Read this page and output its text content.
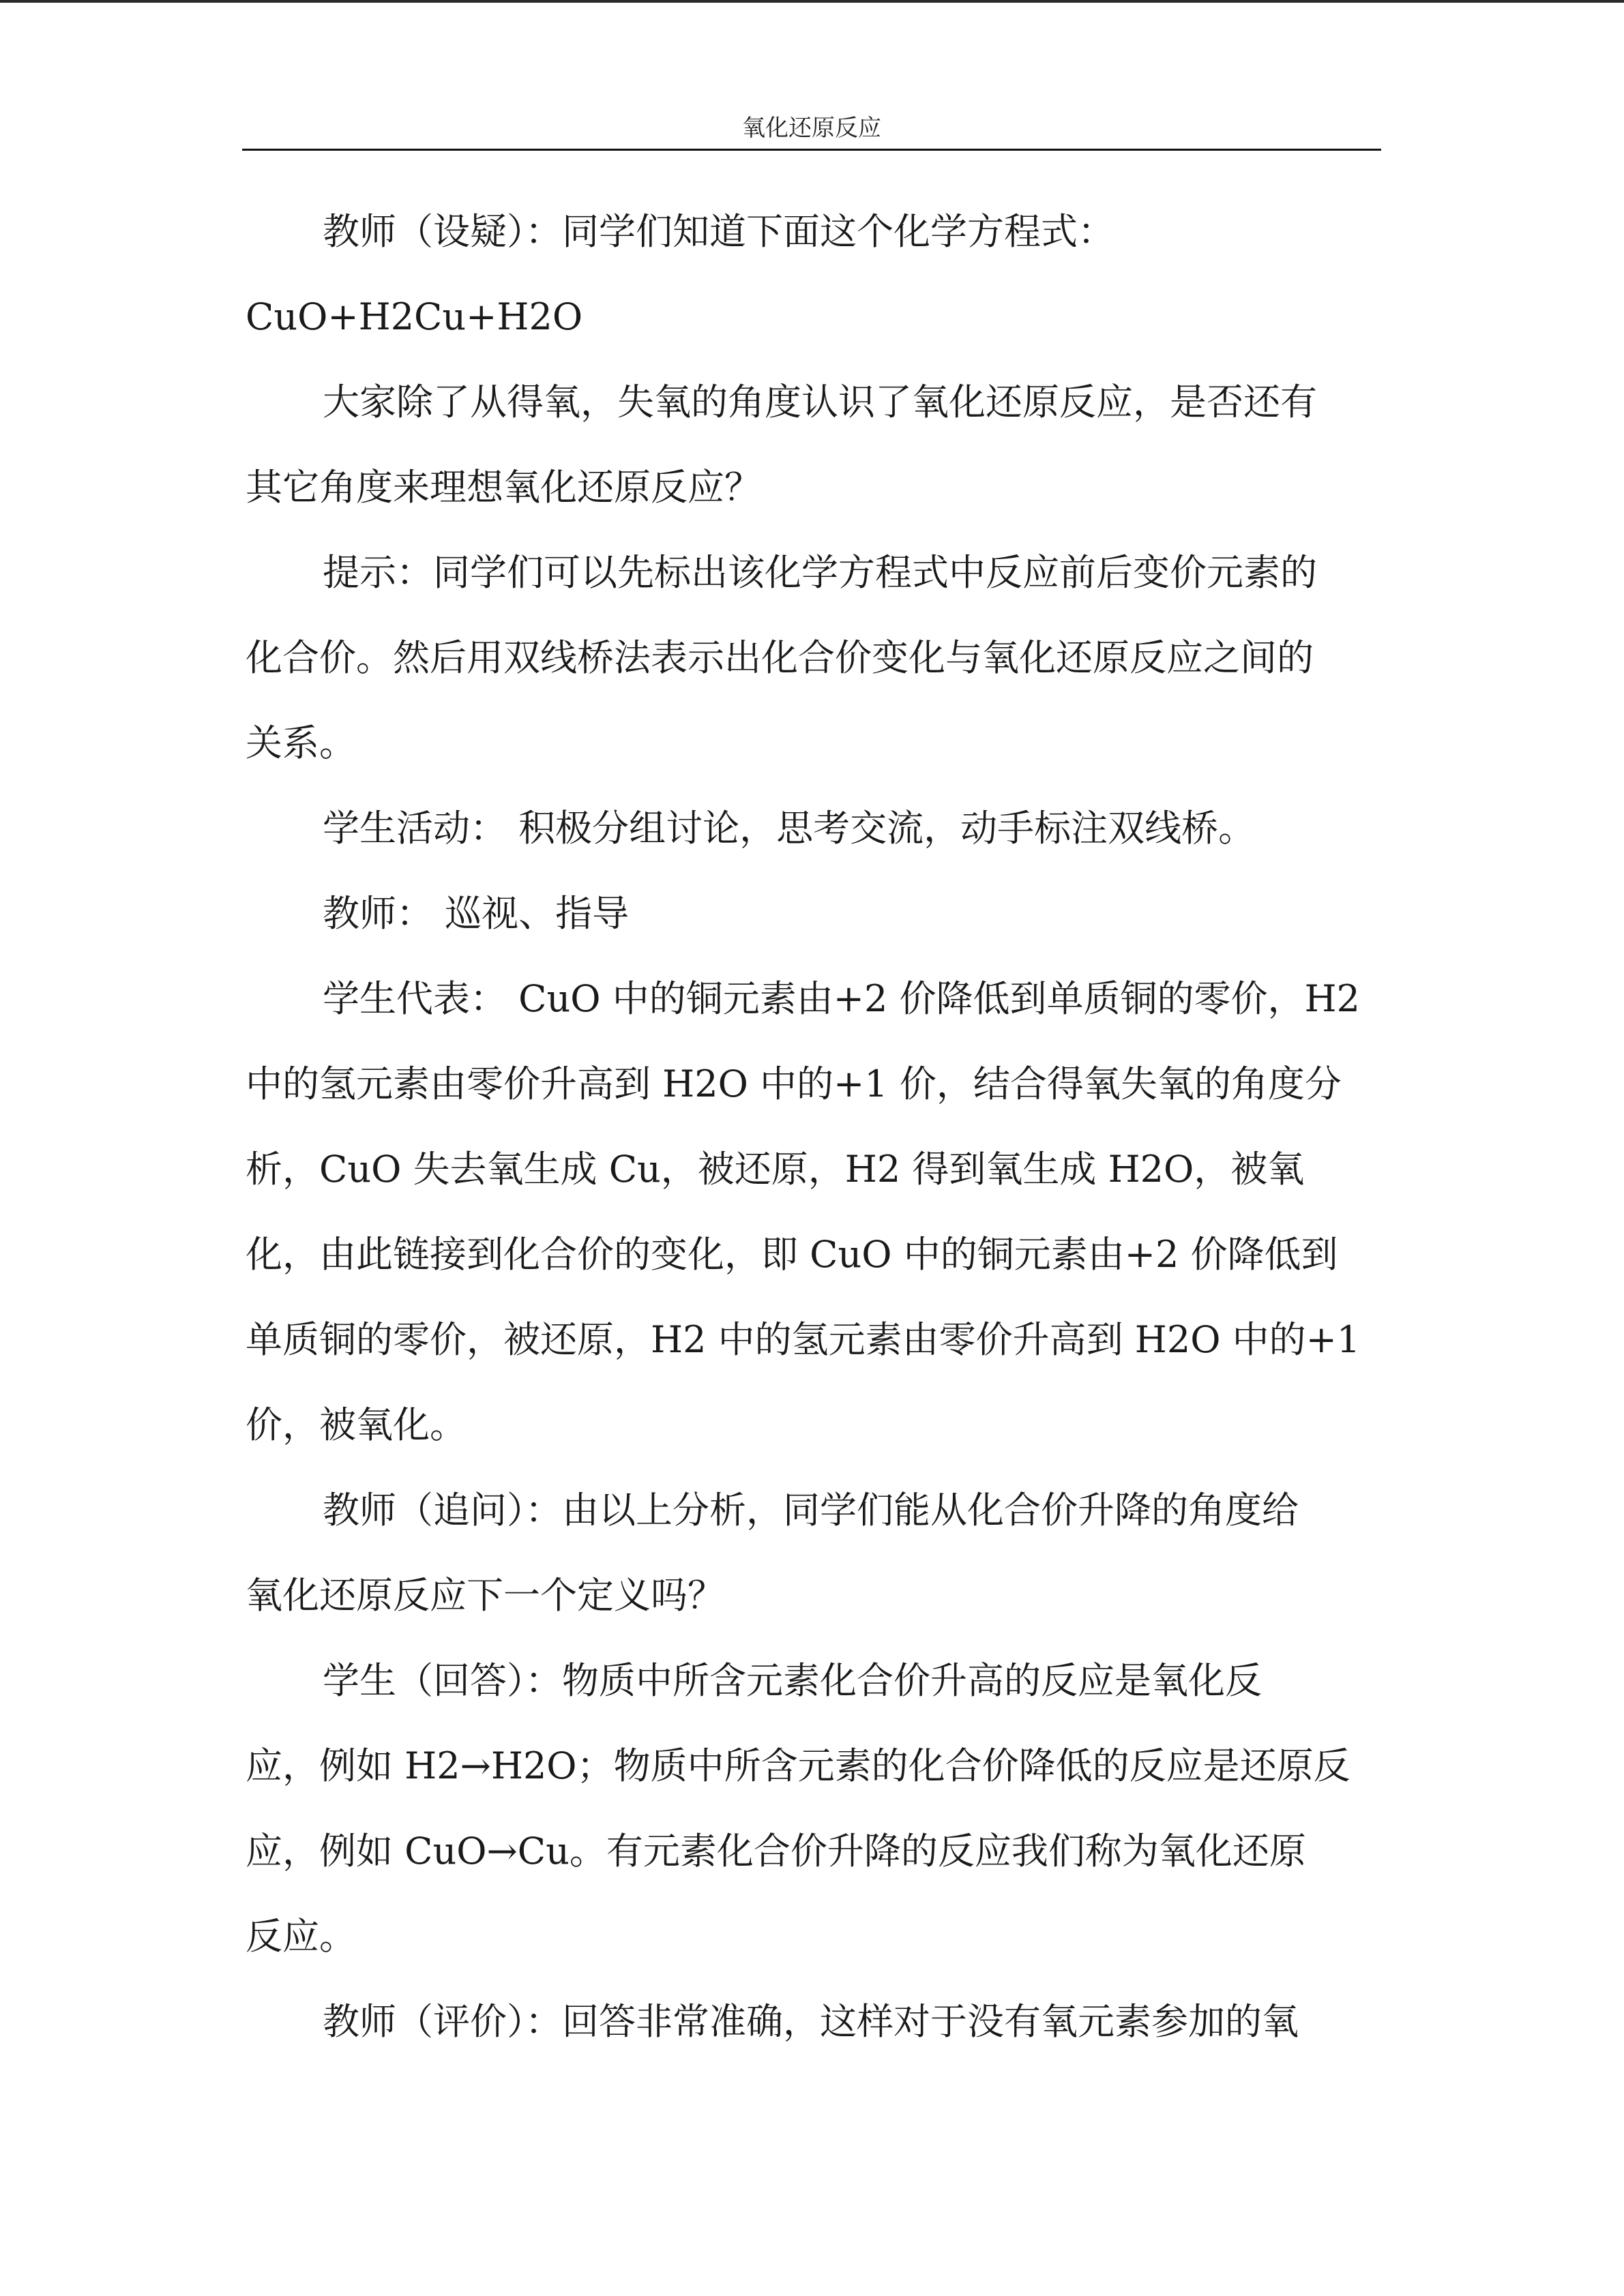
氧化还原反应
教师（设疑）：同学们知道下面这个化学方程式：
CuO+H2Cu+H2O
大家除了从得氧，失氧的角度认识了氧化还原反应，是否还有
其它角度来理想氧化还原反应？
提示：同学们可以先标出该化学方程式中反应前后变价元素的
化合价。然后用双线桥法表示出化合价变化与氧化还原反应之间的
关系。
学生活动： 积极分组讨论，思考交流，动手标注双线桥。
教师： 巡视、指导
学生代表： CuO 中的铜元素由+2 价降低到单质铜的零价，H2
中的氢元素由零价升高到 H2O 中的+1 价，结合得氧失氧的角度分
析，CuO 失去氧生成 Cu，被还原，H2 得到氧生成 H2O，被氧
化，由此链接到化合价的变化，即 CuO 中的铜元素由+2 价降低到
单质铜的零价，被还原，H2 中的氢元素由零价升高到 H2O 中的+1
价，被氧化。
教师（追问）：由以上分析，同学们能从化合价升降的角度给
氧化还原反应下一个定义吗？
学生（回答）：物质中所含元素化合价升高的反应是氧化反
应，例如 H2→H2O；物质中所含元素的化合价降低的反应是还原反
应，例如 CuO→Cu。有元素化合价升降的反应我们称为氧化还原
反应。
教师（评价）：回答非常准确，这样对于没有氧元素参加的氧
